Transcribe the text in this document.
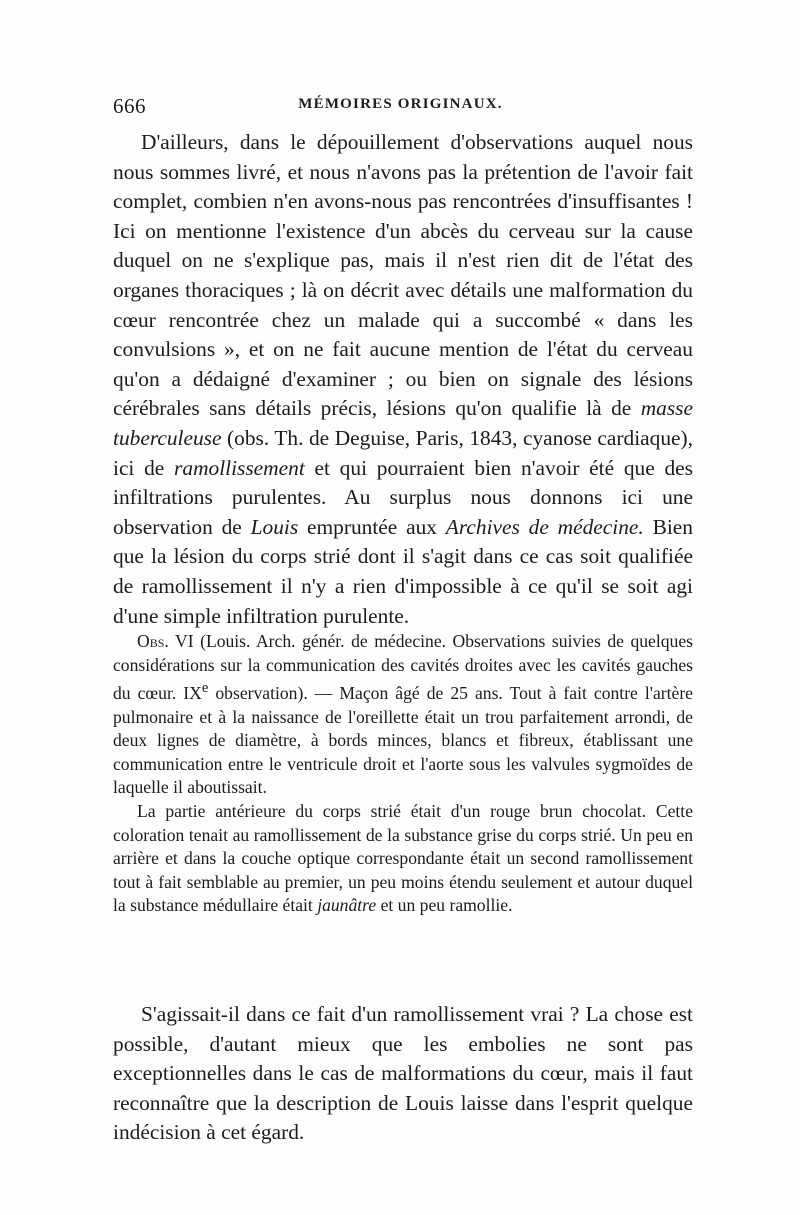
666	MÉMOIRES ORIGINAUX.

D'ailleurs, dans le dépouillement d'observations auquel nous nous sommes livré, et nous n'avons pas la prétention de l'avoir fait complet, combien n'en avons-nous pas rencontrées d'insuffisantes ! Ici on mentionne l'existence d'un abcès du cerveau sur la cause duquel on ne s'explique pas, mais il n'est rien dit de l'état des organes thoraciques ; là on décrit avec détails une malformation du cœur rencontrée chez un malade qui a succombé « dans les convulsions », et on ne fait aucune mention de l'état du cerveau qu'on a dédaigné d'examiner ; ou bien on signale des lésions cérébrales sans détails précis, lésions qu'on qualifie là de masse tuberculeuse (obs. Th. de Deguise, Paris, 1843, cyanose cardiaque), ici de ramollissement et qui pourraient bien n'avoir été que des infiltrations purulentes. Au surplus nous donnons ici une observation de Louis empruntée aux Archives de médecine. Bien que la lésion du corps strié dont il s'agit dans ce cas soit qualifiée de ramollissement il n'y a rien d'impossible à ce qu'il se soit agi d'une simple infiltration purulente.

Obs. VI (Louis. Arch. génér. de médecine. Observations suivies de quelques considérations sur la communication des cavités droites avec les cavités gauches du cœur. IXe observation). — Maçon âgé de 25 ans. Tout à fait contre l'artère pulmonaire et à la naissance de l'oreillette était un trou parfaitement arrondi, de deux lignes de diamètre, à bords minces, blancs et fibreux, établissant une communication entre le ventricule droit et l'aorte sous les valvules sygmoïdes de laquelle il aboutissait.

La partie antérieure du corps strié était d'un rouge brun chocolat. Cette coloration tenait au ramollissement de la substance grise du corps strié. Un peu en arrière et dans la couche optique correspondante était un second ramollissement tout à fait semblable au premier, un peu moins étendu seulement et autour duquel la substance médullaire était jaunâtre et un peu ramollie.

S'agissait-il dans ce fait d'un ramollissement vrai ? La chose est possible, d'autant mieux que les embolies ne sont pas exceptionnelles dans le cas de malformations du cœur, mais il faut reconnaître que la description de Louis laisse dans l'esprit quelque indécision à cet égard.
